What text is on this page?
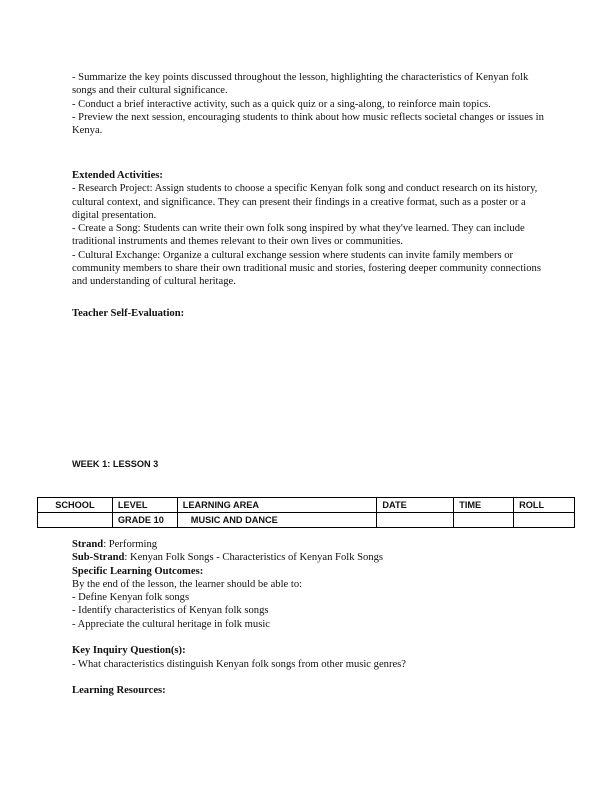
- Summarize the key points discussed throughout the lesson, highlighting the characteristics of Kenyan folk songs and their cultural significance.

- Conduct a brief interactive activity, such as a quick quiz or a sing-along, to reinforce main topics.

- Preview the next session, encouraging students to think about how music reflects societal changes or issues in Kenya.

Extended Activities:

- Research Project: Assign students to choose a specific Kenyan folk song and conduct research on its history, cultural context, and significance. They can present their findings in a creative format, such as a poster or a digital presentation.

- Create a Song: Students can write their own folk song inspired by what they've learned. They can include traditional instruments and themes relevant to their own lives or communities.

- Cultural Exchange: Organize a cultural exchange session where students can invite family members or community members to share their own traditional music and stories, fostering deeper community connections and understanding of cultural heritage.

Teacher Self-Evaluation:

WEEK 1: LESSON 3
SCHOOL	LEVEL	LEARNING AREA	DATE	TIME	ROLL
	GRADE 10	MUSIC AND DANCE			

Strand: Performing

Sub-Strand: Kenyan Folk Songs - Characteristics of Kenyan Folk Songs

Specific Learning Outcomes:

By the end of the lesson, the learner should be able to:

- Define Kenyan folk songs

- Identify characteristics of Kenyan folk songs

- Appreciate the cultural heritage in folk music

Key Inquiry Question(s):

- What characteristics distinguish Kenyan folk songs from other music genres?

Learning Resources:
